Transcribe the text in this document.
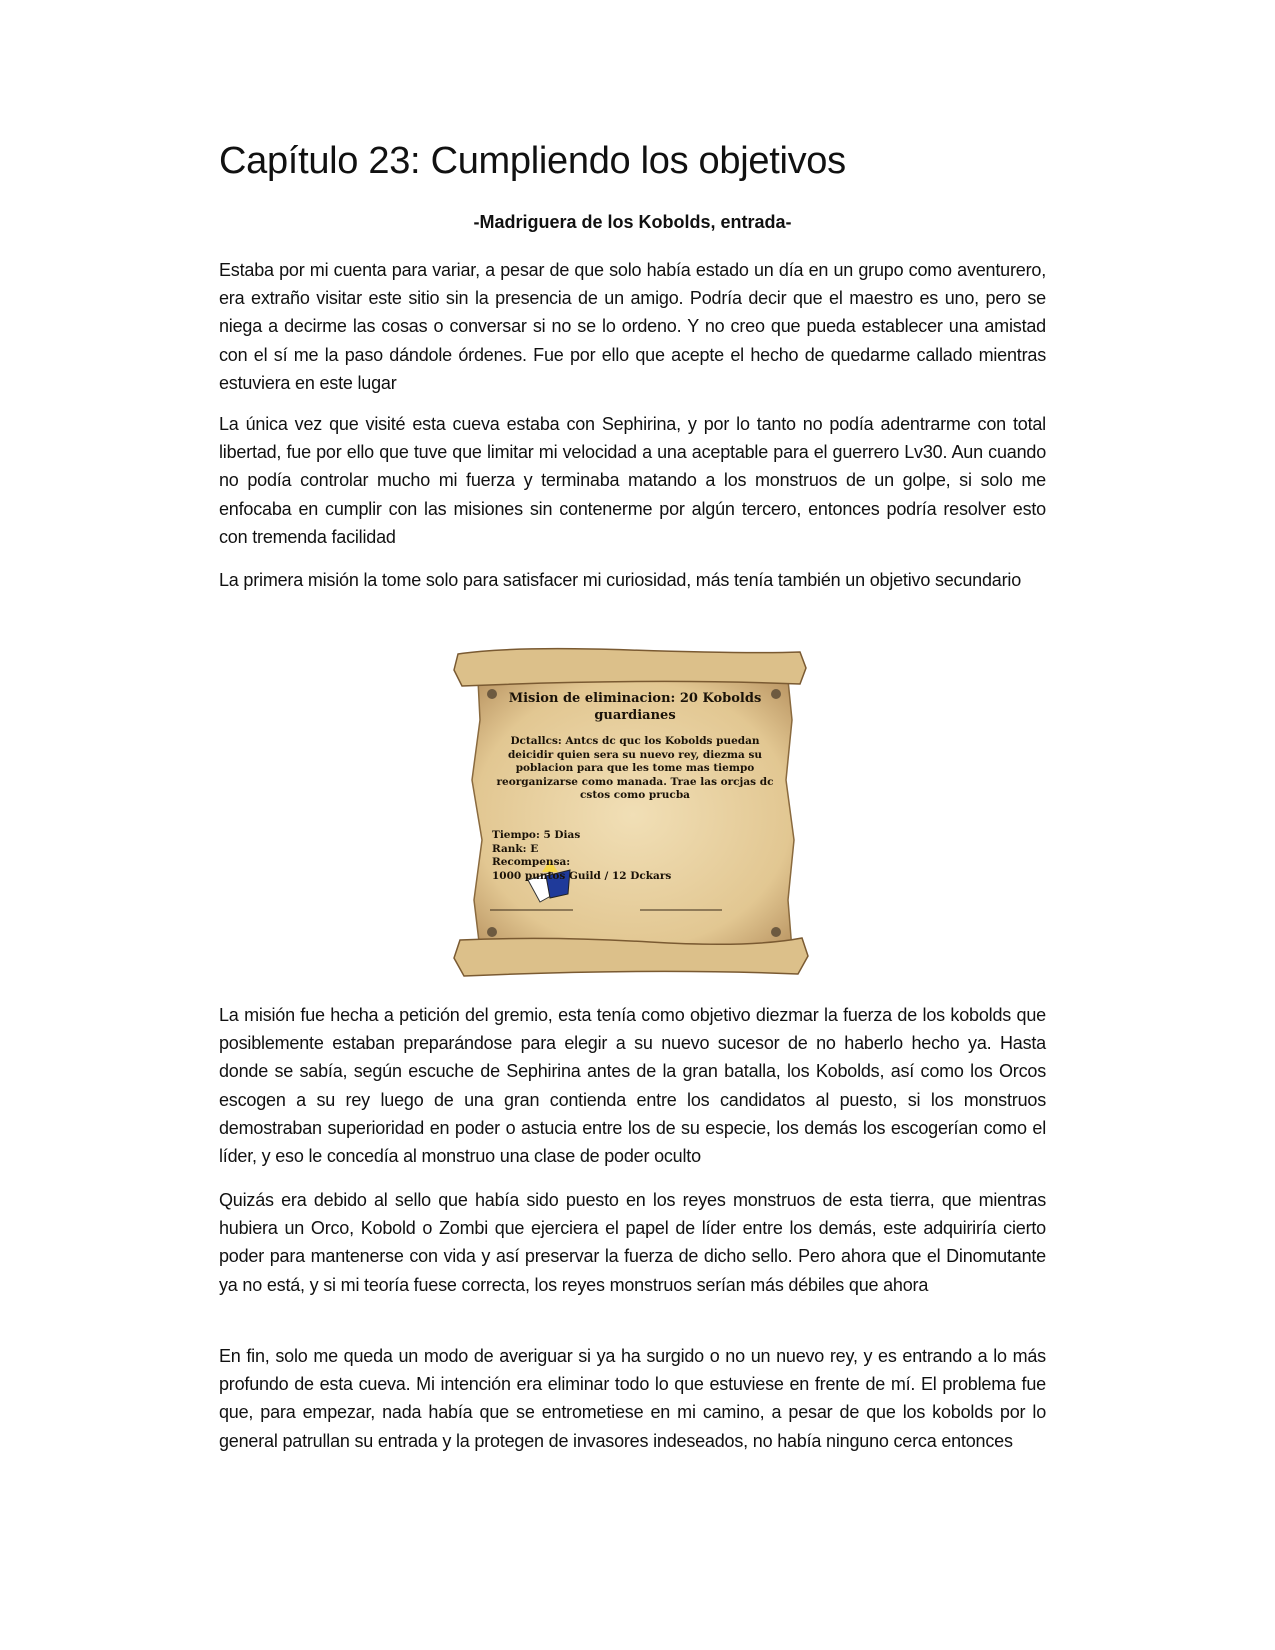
Capítulo 23: Cumpliendo los objetivos
-Madriguera de los Kobolds, entrada-

Estaba por mi cuenta para variar, a pesar de que solo había estado un día en un grupo como aventurero, era extraño visitar este sitio sin la presencia de un amigo. Podría decir que el maestro es uno, pero se niega a decirme las cosas o conversar si no se lo ordeno. Y no creo que pueda establecer una amistad con el sí me la paso dándole órdenes. Fue por ello que acepte el hecho de quedarme callado mientras estuviera en este lugar

La única vez que visité esta cueva estaba con Sephirina, y por lo tanto no podía adentrarme con total libertad, fue por ello que tuve que limitar mi velocidad a una aceptable para el guerrero Lv30. Aun cuando no podía controlar mucho mi fuerza y terminaba matando a los monstruos de un golpe, si solo me enfocaba en cumplir con las misiones sin contenerme por algún tercero, entonces podría resolver esto con tremenda facilidad

La primera misión la tome solo para satisfacer mi curiosidad, más tenía también un objetivo secundario

Mision de eliminacion: 20 Kobolds guardianes
Dctallcs: Antcs dc quc los Kobolds puedan deicidir quien sera su nuevo rey, diezma su poblacion para que les tome mas tiempo reorganizarse como manada. Trae las orcjas dc cstos como prucba
Tiempo: 5 Dias
Rank: E
Recompensa:
1000 puntos Guild / 12 Dckars

La misión fue hecha a petición del gremio, esta tenía como objetivo diezmar la fuerza de los kobolds que posiblemente estaban preparándose para elegir a su nuevo sucesor de no haberlo hecho ya. Hasta donde se sabía, según escuche de Sephirina antes de la gran batalla, los Kobolds, así como los Orcos escogen a su rey luego de una gran contienda entre los candidatos al puesto, si los monstruos demostraban superioridad en poder o astucia entre los de su especie, los demás los escogerían como el líder, y eso le concedía al monstruo una clase de poder oculto

Quizás era debido al sello que había sido puesto en los reyes monstruos de esta tierra, que mientras hubiera un Orco, Kobold o Zombi que ejerciera el papel de líder entre los demás, este adquiriría cierto poder para mantenerse con vida y así preservar la fuerza de dicho sello. Pero ahora que el Dinomutante ya no está, y si mi teoría fuese correcta, los reyes monstruos serían más débiles que ahora

En fin, solo me queda un modo de averiguar si ya ha surgido o no un nuevo rey, y es entrando a lo más profundo de esta cueva. Mi intención era eliminar todo lo que estuviese en frente de mí. El problema fue que, para empezar, nada había que se entrometiese en mi camino, a pesar de que los kobolds por lo general patrullan su entrada y la protegen de invasores indeseados, no había ninguno cerca entonces
